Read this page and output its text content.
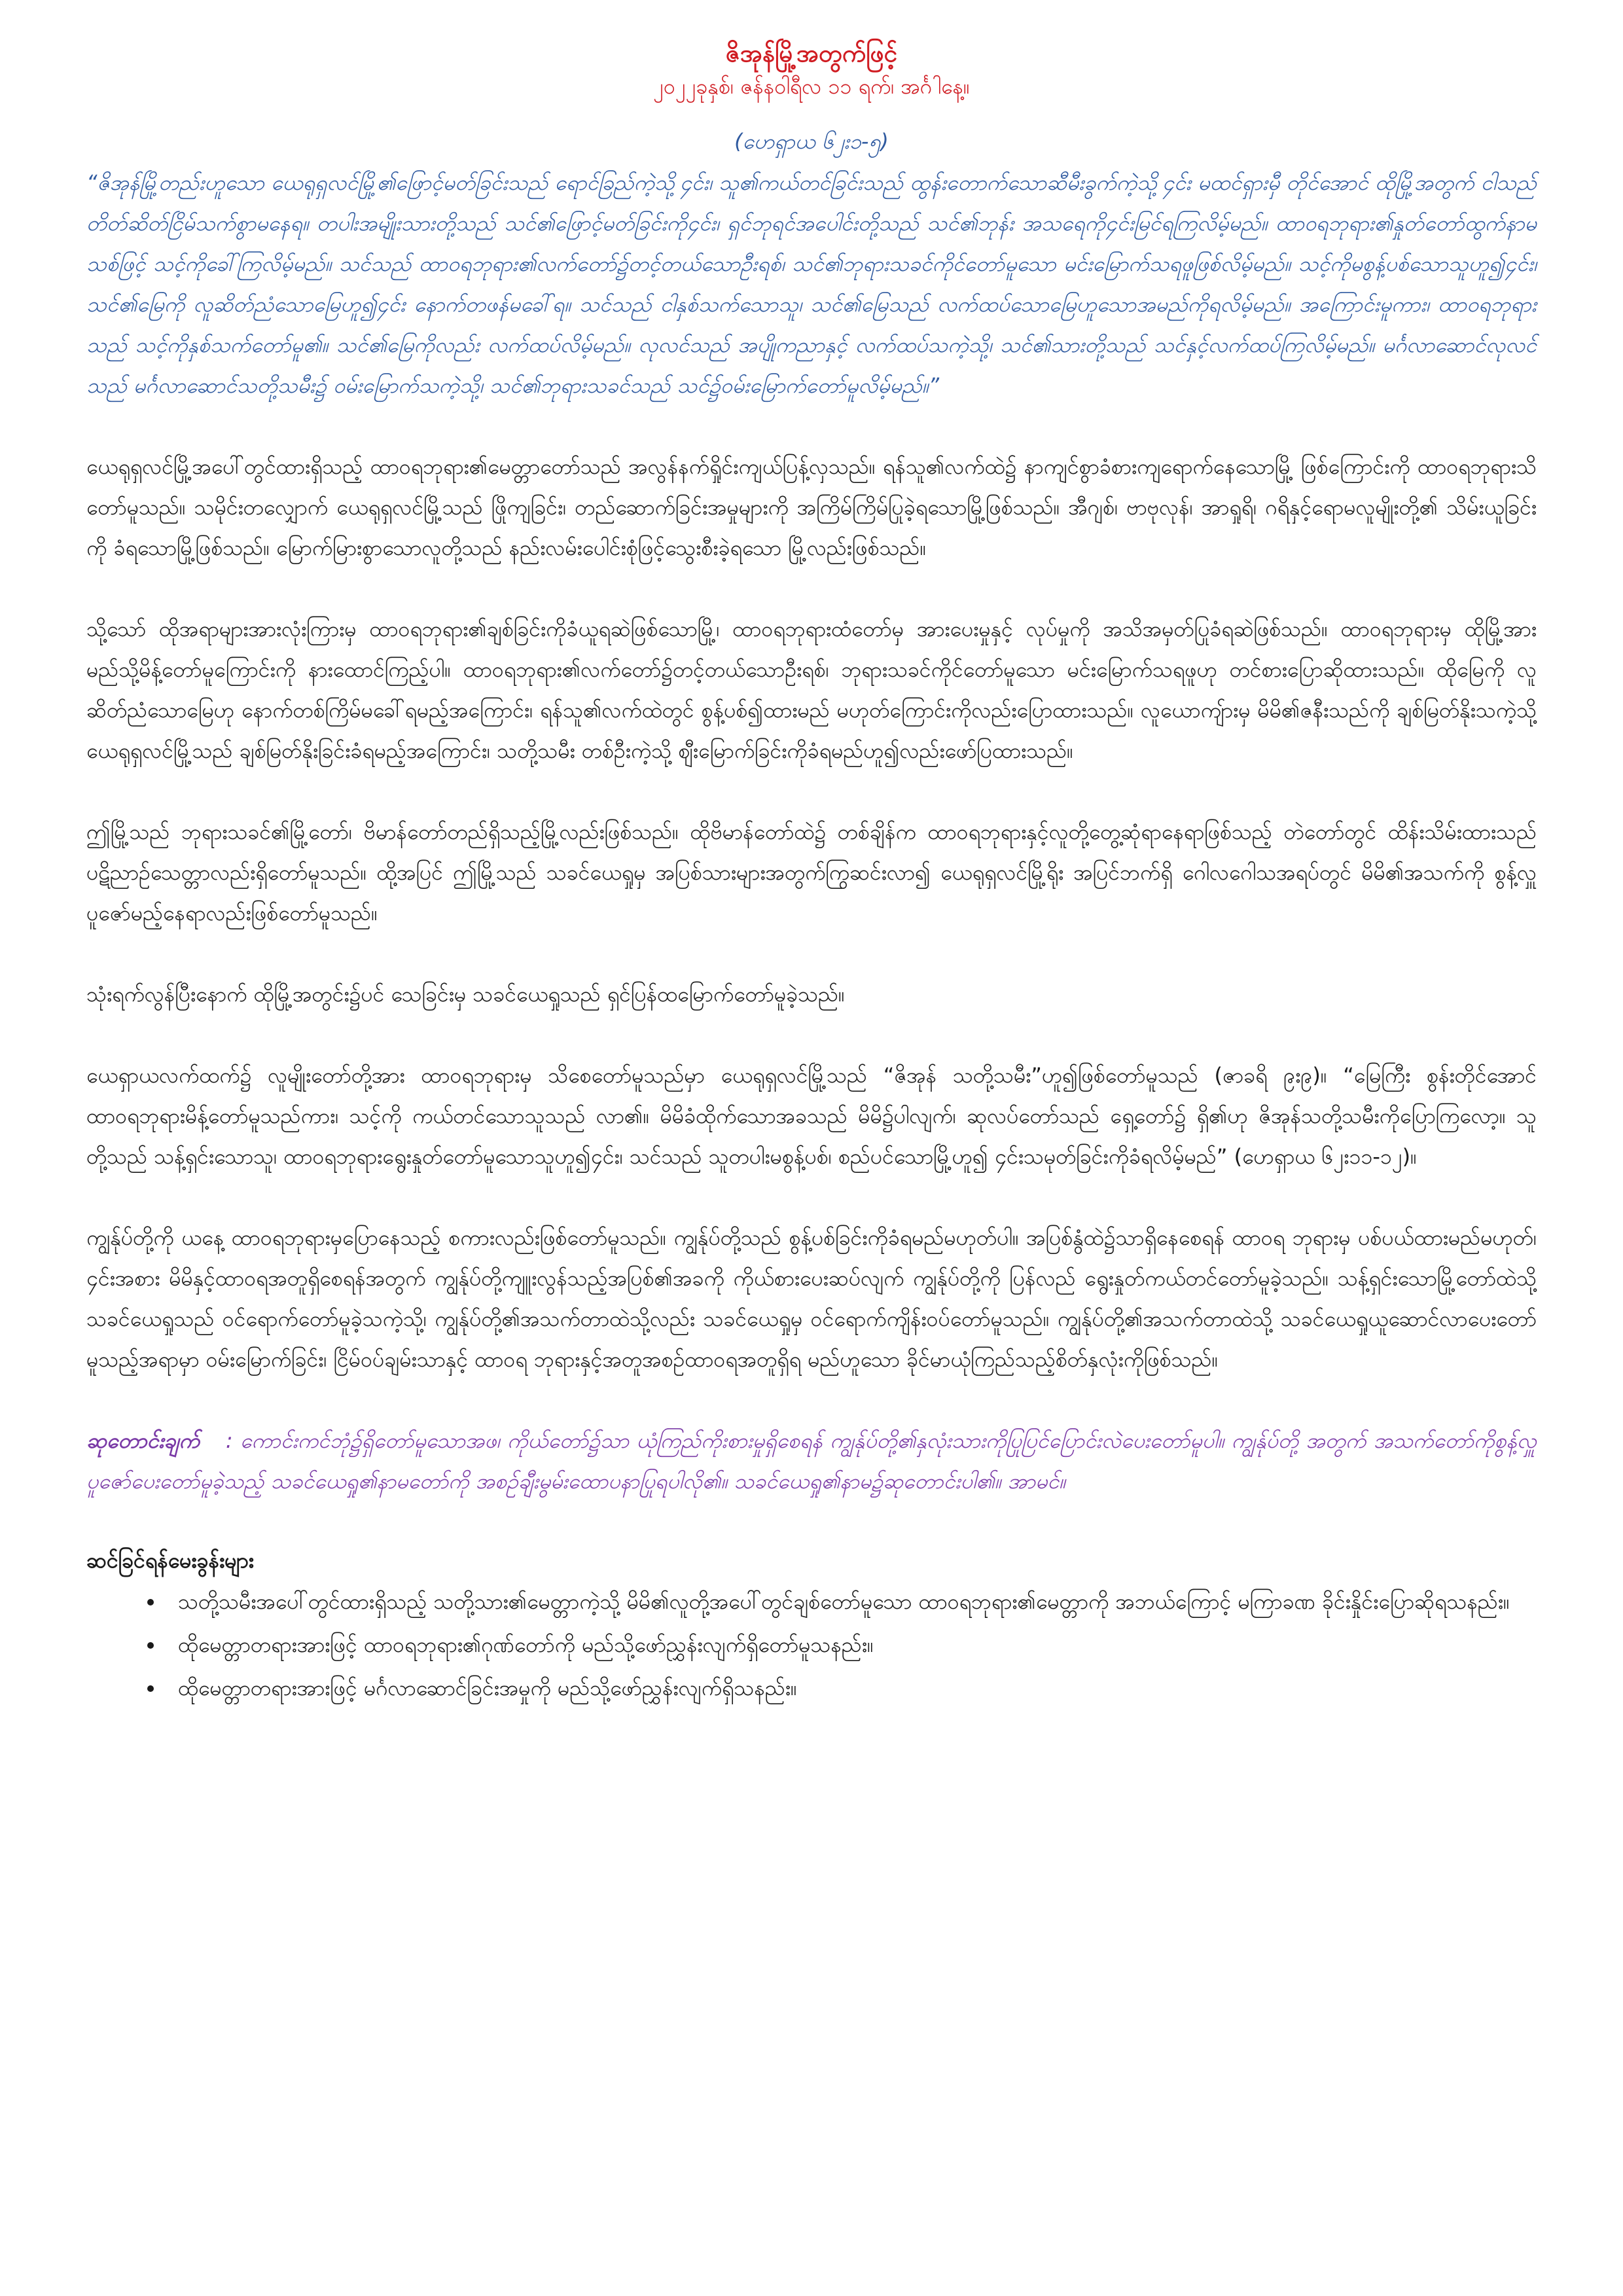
ဇိအုန်မြို့အတွက်ဖြင့်

၂၀၂၂ခုနှစ်၊ ဇန်နဝါရီလ ၁၁ ရက်၊ အင်္ဂါနေ့။

(ဟေရှာယ ၆၂း၁-၅)

“ဇိအုန်မြို့တည်းဟူသော ယေရုရှလင်မြို့၏ဖြောင့်မတ်ခြင်းသည် ရောင်ခြည်ကဲ့သို့၄င်း၊ သူ၏ကယ်တင်ခြင်းသည် ထွန်းတောက်သောဆီမီးခွက်ကဲ့သို့၄င်း မထင်ရှားမှီ တိုင်အောင် ထိုမြို့အတွက် ငါသည်တိတ်ဆိတ်ငြိမ်သက်စွာမနေရ။ တပါးအမျိုးသားတို့သည် သင်၏ဖြောင့်မတ်ခြင်းကို၄င်း၊ ရှင်ဘုရင်အပေါင်းတို့သည် သင်၏ဘုန်း အသရေကို၄င်းမြင်ရကြလိမ့်မည်။ ထာဝရဘုရား၏နှုတ်တော်ထွက်နာမသစ်ဖြင့် သင့်ကိုခေါ်ကြလိမ့်မည်။ သင်သည် ထာဝရဘုရား၏လက်တော်၌တင့်တယ်သောဦးရစ်၊ သင်၏ဘုရားသခင်ကိုင်တော်မူသော မင်းမြောက်သရဖူဖြစ်လိမ့်မည်။ သင့်ကိုမစွန့်ပစ်သောသူဟူ၍၄င်း၊ သင်၏မြေကို လူဆိတ်ညံသောမြေဟူ၍၄င်း နောက်တဖန်မခေါ်ရ။ သင်သည် ငါနှစ်သက်သောသူ၊ သင်၏မြေသည် လက်ထပ်သောမြေဟူသောအမည်ကိုရလိမ့်မည်။ အကြောင်းမူကား၊ ထာဝရဘုရားသည် သင့်ကိုနှစ်သက်တော်မူ၏။ သင်၏မြေကိုလည်း လက်ထပ်လိမ့်မည်။ လုလင်သည် အပျိုကညာနှင့် လက်ထပ်သကဲ့သို့၊ သင်၏သားတို့သည် သင်နှင့်လက်ထပ်ကြလိမ့်မည်။ မင်္ဂလာဆောင်လုလင်သည် မင်္ဂလာဆောင်သတို့သမီး၌ ဝမ်းမြောက်သကဲ့သို့၊ သင်၏ဘုရားသခင်သည် သင်၌ဝမ်းမြောက်တော်မူလိမ့်မည်။”

ယေရုရှလင်မြို့အပေါ်တွင်ထားရှိသည့် ထာဝရဘုရား၏မေတ္တာတော်သည် အလွန်နက်ရှိုင်းကျယ်ပြန့်လှသည်။ ရန်သူ၏လက်ထဲ၌ နာကျင်စွာခံစားကျရောက်နေသောမြို့ ဖြစ်ကြောင်းကို ထာဝရဘုရားသိတော်မူသည်။ သမိုင်းတလျှောက် ယေရုရှလင်မြို့သည် ဖြိုကျခြင်း၊ တည်ဆောက်ခြင်းအမှုများကို အကြိမ်ကြိမ်ပြုခဲ့ရသောမြို့ဖြစ်သည်။ အီဂျစ်၊ ဗာဗုလုန်၊ အာရှုရိ၊ ဂရိနှင့်ရောမလူမျိုးတို့၏ သိမ်းယူခြင်းကို ခံရသောမြို့ဖြစ်သည်။ မြောက်မြားစွာသောလူတို့သည် နည်းလမ်းပေါင်းစုံဖြင့်သွေးစီးခဲ့ရသော မြို့လည်းဖြစ်သည်။

သို့သော် ထိုအရာများအားလုံးကြားမှ ထာဝရဘုရား၏ချစ်ခြင်းကိုခံယူရဆဲဖြစ်သောမြို့၊ ထာဝရဘုရားထံတော်မှ အားပေးမှုနှင့် လုပ်မှုကို အသိအမှတ်ပြုခံရဆဲဖြစ်သည်။ ထာဝရဘုရားမှ ထိုမြို့အား မည်သို့မိန့်တော်မူကြောင်းကို နားထောင်ကြည့်ပါ။ ထာဝရဘုရား၏လက်တော်၌တင့်တယ်သောဦးရစ်၊ ဘုရားသခင်ကိုင်တော်မူသော မင်းမြောက်သရဖူဟု တင်စားပြောဆိုထားသည်။ ထိုမြေကို လူဆိတ်ညံသောမြေဟု နောက်တစ်ကြိမ်မခေါ်ရမည့်အကြောင်း၊ ရန်သူ၏လက်ထဲတွင် စွန့်ပစ်၍ထားမည် မဟုတ်ကြောင်းကိုလည်းပြောထားသည်။ လူယောကျ်ားမှ မိမိ၏ဇနီးသည်ကို ချစ်မြတ်နိုးသကဲ့သို့ ယေရုရှလင်မြို့သည် ချစ်မြတ်နိုးခြင်းခံရမည့်အကြောင်း၊ သတို့သမီး တစ်ဦးကဲ့သို့ ဈီးမြောက်ခြင်းကိုခံရမည်ဟူ၍လည်းဖော်ပြထားသည်။

ဤမြို့သည် ဘုရားသခင်၏မြို့တော်၊ ဗိမာန်တော်တည်ရှိသည့်မြို့လည်းဖြစ်သည်။ ထိုဗိမာန်တော်ထဲ၌ တစ်ချိန်က ထာဝရဘုရားနှင့်လူတို့တွေ့ဆုံရာနေရာဖြစ်သည့် တဲတော်တွင် ထိန်းသိမ်းထားသည် ပဋိညာဉ်သေတ္တာလည်းရှိတော်မူသည်။ ထို့အပြင် ဤမြို့သည် သခင်ယေရှုမှ အပြစ်သားများအတွက်ကြွဆင်းလာ၍ ယေရုရှလင်မြို့ရိုး အပြင်ဘက်ရှိ ဂေါလဂေါသအရပ်တွင် မိမိ၏အသက်ကို စွန့်လှူပူဇော်မည့်နေရာလည်းဖြစ်တော်မူသည်။

သုံးရက်လွန်ပြီးနောက် ထိုမြို့အတွင်း၌ပင် သေခြင်းမှ သခင်ယေရှုသည် ရှင်ပြန်ထမြောက်တော်မူခဲ့သည်။

ယေရှာယလက်ထက်၌ လူမျိုးတော်တို့အား ထာဝရဘုရားမှ သိစေတော်မူသည်မှာ ယေရုရှလင်မြို့သည် “ဇိအုန် သတို့သမီး”ဟူ၍ဖြစ်တော်မူသည် (ဇာခရိ ၉း၉)။ “မြေကြီး စွန်းတိုင်အောင် ထာဝရဘုရားမိန့်တော်မူသည်ကား၊ သင့်ကို ကယ်တင်သောသူသည် လာ၏။ မိမိခံထိုက်သောအခသည် မိမိ၌ပါလျက်၊ ဆုလပ်တော်သည် ရှေ့တော်၌ ရှိ၏ဟု ဇိအုန်သတို့သမီးကိုပြောကြလော့။ သူတို့သည် သန့်ရှင်းသောသူ၊ ထာဝရဘုရားရွေးနှုတ်တော်မူသောသူဟူ၍၄င်း၊ သင်သည် သူတပါးမစွန့်ပစ်၊ စည်ပင်သောမြို့ဟူ၍ ၄င်းသမုတ်ခြင်းကိုခံရလိမ့်မည်” (ဟေရှာယ ၆၂း၁၁-၁၂)။

ကျွန်ုပ်တို့ကို ယနေ့ ထာဝရဘုရားမှပြောနေသည့် စကားလည်းဖြစ်တော်မူသည်။ ကျွန်ုပ်တို့သည် စွန့်ပစ်ခြင်းကိုခံရမည်မဟုတ်ပါ။ အပြစ်နွံထဲ၌သာရှိနေစေရန် ထာဝရ ဘုရားမှ ပစ်ပယ်ထားမည်မဟုတ်၊ ၄င်းအစား မိမိနှင့်ထာဝရအတူရှိစေရန်အတွက် ကျွန်ုပ်တို့ကျူးလွန်သည့်အပြစ်၏အခကို ကိုယ်စားပေးဆပ်လျက် ကျွန်ုပ်တို့ကို ပြန်လည် ရွေးနှုတ်ကယ်တင်တော်မူခဲ့သည်။ သန့်ရှင်းသောမြို့တော်ထဲသို့ သခင်ယေရှုသည် ဝင်ရောက်တော်မူခဲ့သကဲ့သို့၊ ကျွန်ုပ်တို့၏အသက်တာထဲသို့လည်း သခင်ယေရှုမှ ဝင်ရောက်ကျိန်းဝပ်တော်မူသည်။ ကျွန်ုပ်တို့၏အသက်တာထဲသို့ သခင်ယေရှုယူဆောင်လာပေးတော်မူသည့်အရာမှာ ဝမ်းမြောက်ခြင်း၊ ငြိမ်ဝပ်ချမ်းသာနှင့် ထာဝရ ဘုရားနှင့်အတူအစဉ်ထာဝရအတူရှိရ မည်ဟူသော ခိုင်မာယုံကြည်သည့်စိတ်နှလုံးကိုဖြစ်သည်။

ဆုတောင်းချက် : ကောင်းကင်ဘုံ၌ရှိတော်မူသောအဖ၊ ကိုယ်တော်၌သာ ယုံကြည်ကိုးစားမှုရှိစေရန် ကျွန်ုပ်တို့၏နှလုံးသားကိုပြုပြင်ပြောင်းလဲပေးတော်မူပါ။ ကျွန်ုပ်တို့ အတွက် အသက်တော်ကိုစွန့်လှူပူဇော်ပေးတော်မူခဲ့သည့် သခင်ယေရှု၏နာမတော်ကို အစဉ်ချီးမွမ်းထောပနာပြုရပါလို၏။ သခင်ယေရှု၏နာမ၌ဆုတောင်းပါ၏။ အာမင်။

ဆင်ခြင်ရန်မေးခွန်းများ

• သတို့သမီးအပေါ်တွင်ထားရှိသည့် သတို့သား၏မေတ္တာကဲ့သို့ မိမိ၏လူတို့အပေါ်တွင်ချစ်တော်မူသော ထာဝရဘုရား၏မေတ္တာကို အဘယ်ကြောင့် မကြာခဏ ခိုင်းနှိုင်းပြောဆိုရသနည်း။
• ထိုမေတ္တာတရားအားဖြင့် ထာဝရဘုရား၏ဂုဏ်တော်ကို မည်သို့ဖော်ညွှန်းလျက်ရှိတော်မူသနည်း။
• ထိုမေတ္တာတရားအားဖြင့် မင်္ဂလာဆောင်ခြင်းအမှုကို မည်သို့ဖော်ညွှန်းလျက်ရှိသနည်း။
